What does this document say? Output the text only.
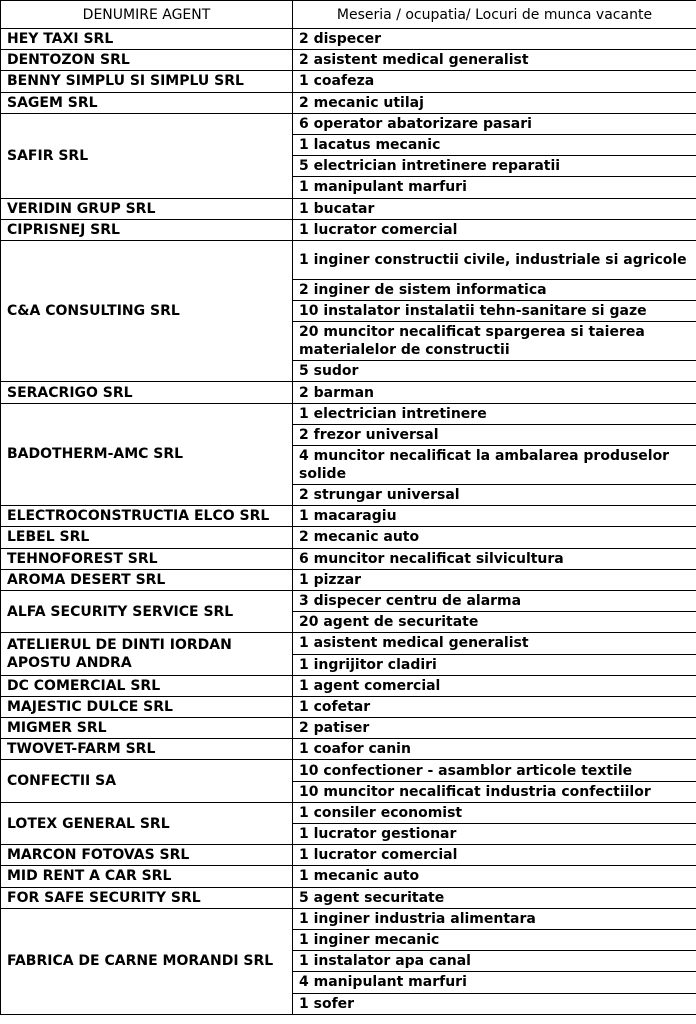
DENUMIRE AGENT	Meseria / ocupatia/ Locuri de munca vacante
HEY TAXI SRL	2 dispecer
DENTOZON SRL	2 asistent medical generalist
BENNY SIMPLU SI SIMPLU SRL	1 coafeza
SAGEM SRL	2 mecanic utilaj
SAFIR SRL	6 operator abatorizare pasari
	1 lacatus mecanic
	5 electrician intretinere reparatii
	1 manipulant marfuri
VERIDIN GRUP SRL	1 bucatar
CIPRISNEJ SRL	1 lucrator comercial
C&A CONSULTING SRL	1 inginer constructii civile, industriale si agricole
	2 inginer de sistem informatica
	10 instalator instalatii tehn-sanitare si gaze
	20 muncitor necalificat spargerea si taierea materialelor de constructii
	5 sudor
SERACRIGO SRL	2 barman
BADOTHERM-AMC SRL	1 electrician intretinere
	2 frezor universal
	4 muncitor necalificat la ambalarea produselor solide
	2 strungar universal
ELECTROCONSTRUCTIA ELCO SRL	1 macaragiu
LEBEL SRL	2 mecanic auto
TEHNOFOREST SRL	6 muncitor necalificat silvicultura
AROMA DESERT SRL	1 pizzar
ALFA SECURITY SERVICE SRL	3 dispecer centru de alarma
	20 agent de securitate
ATELIERUL DE DINTI IORDAN APOSTU ANDRA	1 asistent medical generalist
	1 ingrijitor cladiri
DC COMERCIAL SRL	1 agent comercial
MAJESTIC DULCE SRL	1 cofetar
MIGMER SRL	2 patiser
TWOVET-FARM SRL	1 coafor canin
CONFECTII SA	10 confectioner - asamblor articole textile
	10 muncitor necalificat industria confectiilor
LOTEX GENERAL SRL	1 consiler economist
	1 lucrator gestionar
MARCON FOTOVAS SRL	1 lucrator comercial
MID RENT A CAR SRL	1 mecanic auto
FOR SAFE SECURITY SRL	5 agent securitate
FABRICA DE CARNE MORANDI SRL	1 inginer industria alimentara
	1 inginer mecanic
	1 instalator apa canal
	4 manipulant marfuri
	1 sofer
